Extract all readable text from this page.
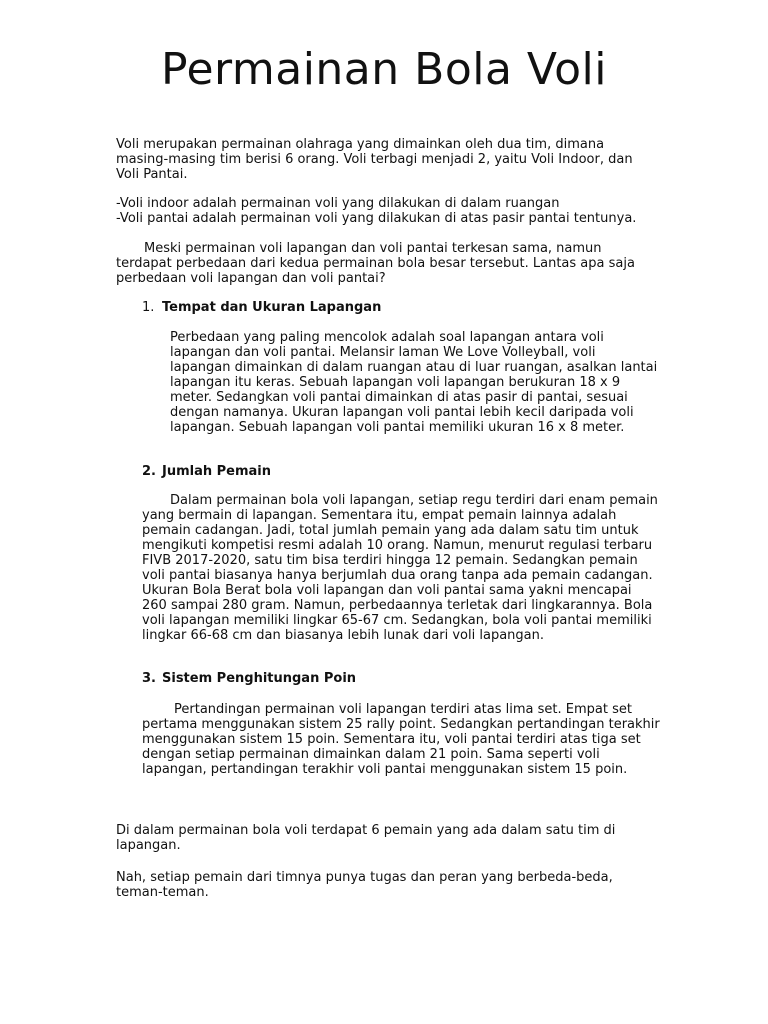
Permainan Bola Voli

Voli merupakan permainan olahraga yang dimainkan oleh dua tim, dimana masing-masing tim berisi 6 orang. Voli terbagi menjadi 2, yaitu Voli Indoor, dan Voli Pantai.

-Voli indoor adalah permainan voli yang dilakukan di dalam ruangan

-Voli pantai adalah permainan voli yang dilakukan di atas pasir pantai tentunya.

Meski permainan voli lapangan dan voli pantai terkesan sama, namun terdapat perbedaan dari kedua permainan bola besar tersebut. Lantas apa saja perbedaan voli lapangan dan voli pantai?

1. Tempat dan Ukuran Lapangan

Perbedaan yang paling mencolok adalah soal lapangan antara voli lapangan dan voli pantai. Melansir laman We Love Volleyball, voli lapangan dimainkan di dalam ruangan atau di luar ruangan, asalkan lantai lapangan itu keras. Sebuah lapangan voli lapangan berukuran 18 x 9 meter. Sedangkan voli pantai dimainkan di atas pasir di pantai, sesuai dengan namanya. Ukuran lapangan voli pantai lebih kecil daripada voli lapangan. Sebuah lapangan voli pantai memiliki ukuran 16 x 8 meter.

2. Jumlah Pemain

Dalam permainan bola voli lapangan, setiap regu terdiri dari enam pemain yang bermain di lapangan. Sementara itu, empat pemain lainnya adalah pemain cadangan. Jadi, total jumlah pemain yang ada dalam satu tim untuk mengikuti kompetisi resmi adalah 10 orang. Namun, menurut regulasi terbaru FIVB 2017-2020, satu tim bisa terdiri hingga 12 pemain. Sedangkan pemain voli pantai biasanya hanya berjumlah dua orang tanpa ada pemain cadangan. Ukuran Bola Berat bola voli lapangan dan voli pantai sama yakni mencapai 260 sampai 280 gram. Namun, perbedaannya terletak dari lingkarannya. Bola voli lapangan memiliki lingkar 65-67 cm. Sedangkan, bola voli pantai memiliki lingkar 66-68 cm dan biasanya lebih lunak dari voli lapangan.

3. Sistem Penghitungan Poin

Pertandingan permainan voli lapangan terdiri atas lima set. Empat set pertama menggunakan sistem 25 rally point. Sedangkan pertandingan terakhir menggunakan sistem 15 poin. Sementara itu, voli pantai terdiri atas tiga set dengan setiap permainan dimainkan dalam 21 poin. Sama seperti voli lapangan, pertandingan terakhir voli pantai menggunakan sistem 15 poin.

Di dalam permainan bola voli terdapat 6 pemain yang ada dalam satu tim di lapangan.

Nah, setiap pemain dari timnya punya tugas dan peran yang berbeda-beda, teman-teman.
